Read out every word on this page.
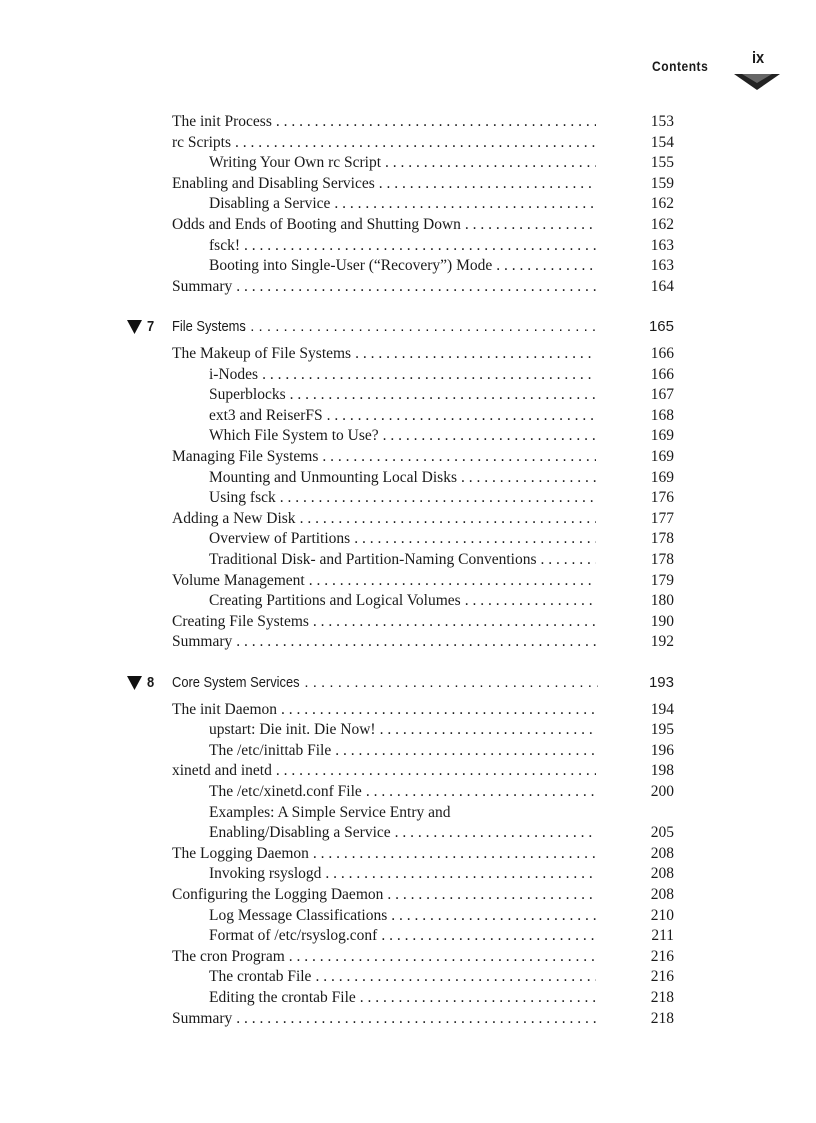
Contents	ix
The init Process . . .	153
rc Scripts . . .	154
Writing Your Own rc Script . . .	155
Enabling and Disabling Services . . .	159
Disabling a Service . . .	162
Odds and Ends of Booting and Shutting Down . . .	162
fsck! . . .	163
Booting into Single-User (“Recovery”) Mode . . .	163
Summary . . .	164
7 File Systems . . .	165
The Makeup of File Systems . . .	166
i-Nodes . . .	166
Superblocks . . .	167
ext3 and ReiserFS . . .	168
Which File System to Use? . . .	169
Managing File Systems . . .	169
Mounting and Unmounting Local Disks . . .	169
Using fsck . . .	176
Adding a New Disk . . .	177
Overview of Partitions . . .	178
Traditional Disk- and Partition-Naming Conventions . . .	178
Volume Management . . .	179
Creating Partitions and Logical Volumes . . .	180
Creating File Systems . . .	190
Summary . . .	192
8 Core System Services . . .	193
The init Daemon . . .	194
upstart: Die init. Die Now! . . .	195
The /etc/inittab File . . .	196
xinetd and inetd . . .	198
The /etc/xinetd.conf File . . .	200
Examples: A Simple Service Entry and
Enabling/Disabling a Service . . .	205
The Logging Daemon . . .	208
Invoking rsyslogd . . .	208
Configuring the Logging Daemon . . .	208
Log Message Classifications . . .	210
Format of /etc/rsyslog.conf . . .	211
The cron Program . . .	216
The crontab File . . .	216
Editing the crontab File . . .	218
Summary . . .	218
